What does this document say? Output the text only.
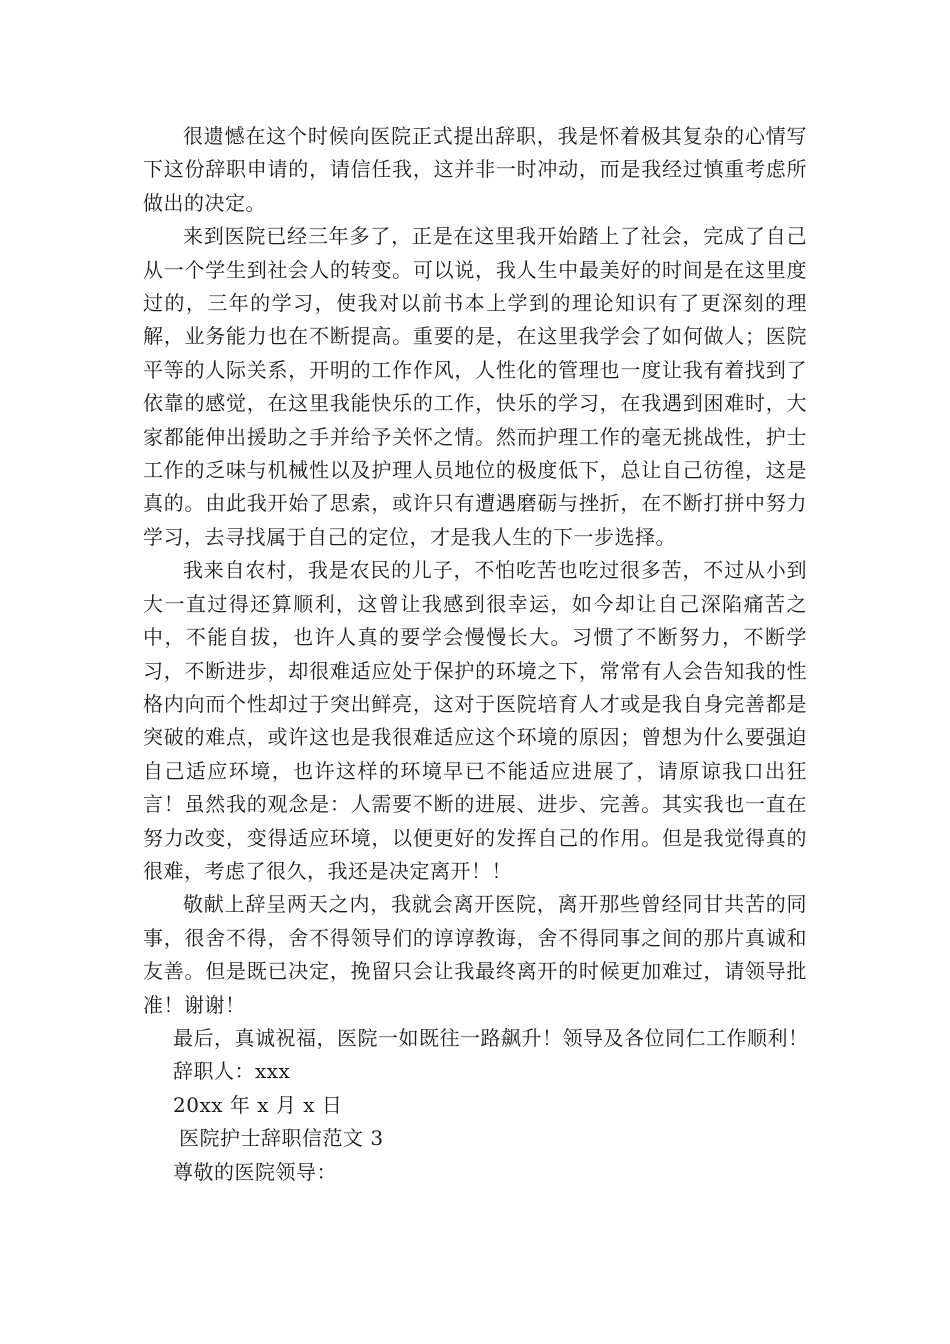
很遗憾在这个时候向医院正式提出辞职，我是怀着极其复杂的心情写下这份辞职申请的，请信任我，这并非一时冲动，而是我经过慎重考虑所做出的决定。

来到医院已经三年多了，正是在这里我开始踏上了社会，完成了自己从一个学生到社会人的转变。可以说，我人生中最美好的时间是在这里度过的，三年的学习，使我对以前书本上学到的理论知识有了更深刻的理解，业务能力也在不断提高。重要的是，在这里我学会了如何做人；医院平等的人际关系，开明的工作作风，人性化的管理也一度让我有着找到了依靠的感觉，在这里我能快乐的工作，快乐的学习，在我遇到困难时，大家都能伸出援助之手并给予关怀之情。然而护理工作的毫无挑战性，护士工作的乏味与机械性以及护理人员地位的极度低下，总让自己彷徨，这是真的。由此我开始了思索，或许只有遭遇磨砺与挫折，在不断打拼中努力学习，去寻找属于自己的定位，才是我人生的下一步选择。

我来自农村，我是农民的儿子，不怕吃苦也吃过很多苦，不过从小到大一直过得还算顺利，这曾让我感到很幸运，如今却让自己深陷痛苦之中，不能自拔，也许人真的要学会慢慢长大。习惯了不断努力，不断学习，不断进步，却很难适应处于保护的环境之下，常常有人会告知我的性格内向而个性却过于突出鲜亮，这对于医院培育人才或是我自身完善都是突破的难点，或许这也是我很难适应这个环境的原因；曾想为什么要强迫自己适应环境，也许这样的环境早已不能适应进展了，请原谅我口出狂言！虽然我的观念是：人需要不断的进展、进步、完善。其实我也一直在努力改变，变得适应环境，以便更好的发挥自己的作用。但是我觉得真的很难，考虑了很久，我还是决定离开！！

敬献上辞呈两天之内，我就会离开医院，离开那些曾经同甘共苦的同事，很舍不得，舍不得领导们的谆谆教诲，舍不得同事之间的那片真诚和友善。但是既已决定，挽留只会让我最终离开的时候更加难过，请领导批准！谢谢！

最后，真诚祝福，医院一如既往一路飙升！领导及各位同仁工作顺利！

辞职人：xxx

20xx 年 x 月 x 日

医院护士辞职信范文 3

尊敬的医院领导：
